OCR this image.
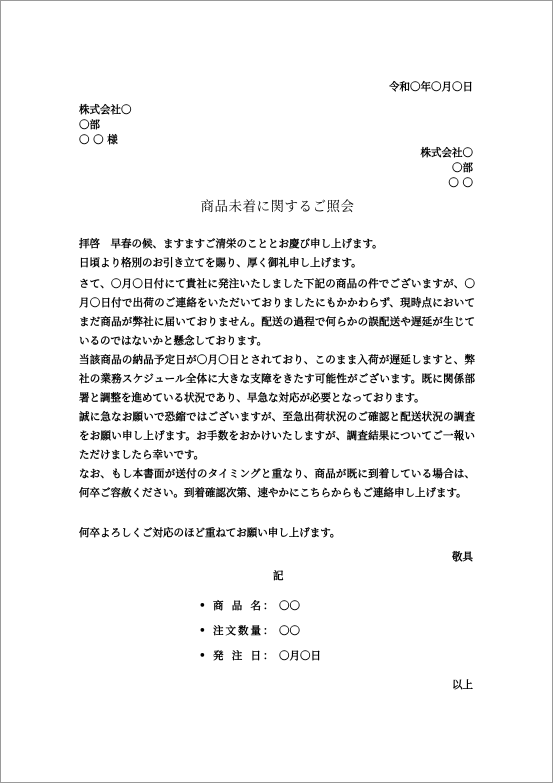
令和〇年〇月〇日
株式会社〇
〇部
〇 〇 様
株式会社〇
〇部
〇 〇
商品未着に関するご照会
拝啓　早春の候、ますますご清栄のこととお慶び申し上げます。
日頃より格別のお引き立てを賜り、厚く御礼申し上げます。
さて、〇月〇日付にて貴社に発注いたしました下記の商品の件でございますが、〇月〇日付で出荷のご連絡をいただいておりましたにもかかわらず、現時点においてまだ商品が弊社に届いておりません。配送の過程で何らかの誤配送や遅延が生じているのではないかと懸念しております。
当該商品の納品予定日が〇月〇日とされており、このまま入荷が遅延しますと、弊社の業務スケジュール全体に大きな支障をきたす可能性がございます。既に関係部署と調整を進めている状況であり、早急な対応が必要となっております。
誠に急なお願いで恐縮ではございますが、至急出荷状況のご確認と配送状況の調査をお願い申し上げます。お手数をおかけいたしますが、調査結果についてご一報いただけましたら幸いです。
なお、もし本書面が送付のタイミングと重なり、商品が既に到着している場合は、何卒ご容赦ください。到着確認次第、速やかにこちらからもご連絡申し上げます。
何卒よろしくご対応のほど重ねてお願い申し上げます。
敬具
記
• 商品名 ： 〇〇
• 注文数量 ： 〇〇
• 発注日 ： 〇月〇日
以上
